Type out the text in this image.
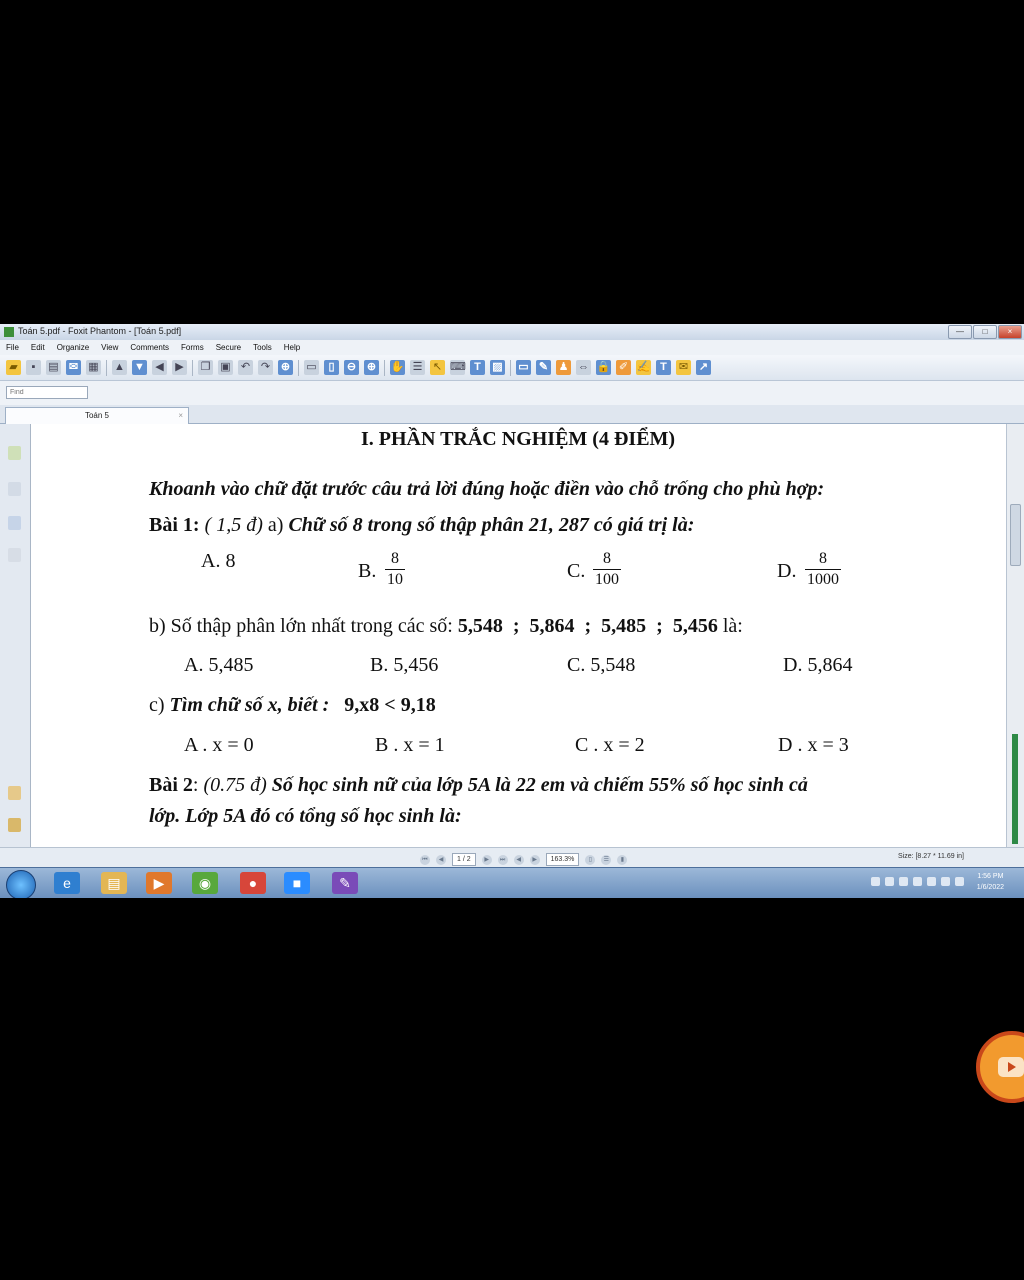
Toán 5.pdf - Foxit Phantom - [Toán 5.pdf]	—	□	×
File	Edit	Organize	View	Comments	Forms	Secure	Tools	Help
▰	▪	▤ ✉ ▦ ▲ ▼ ◀ ▶ ❐ ▣ ↶ ↷ ⊕ ▭	▯	⊖ ⊕ ✋ ☰ ↖ ⌨ T	▨ ▭ ✎ ♟ ⇔ 🔒 ✐ ✍ T	✉ ↗
Find
Toán 5	×
I. PHẦN TRẮC NGHIỆM (4 ĐIỂM)
Khoanh vào chữ đặt trước câu trả lời đúng hoặc điền vào chỗ trống cho phù hợp:
Bài 1: ( 1,5 đ) a) Chữ số 8 trong số thập phân 21, 287 có giá trị là:
A. 8	B.
8
10	C.
8
100	D.
8
1000
b) Số thập phân lớn nhất trong các số: 5,548  ;  5,864  ;  5,485  ;  5,456 là:
A. 5,485	B. 5,456	C. 5,548	D. 5,864
c) Tìm chữ số x, biết : 9,x8 < 9,18
A . x = 0	B . x = 1	C . x = 2	D . x = 3
Bài 2: (0.75 đ) Số học sinh nữ của lớp 5A là 22 em và chiếm 55% số học sinh cả
lớp. Lớp 5A đó có tổng số học sinh là:
⏮	◀	1 / 2	▶	⏭	◀	▶	163.3%	▯	☰	▮	Size: [8.27 * 11.69 in]
e	▤	▶	◉	●	■	✎	1:56 PM
1/6/2022
